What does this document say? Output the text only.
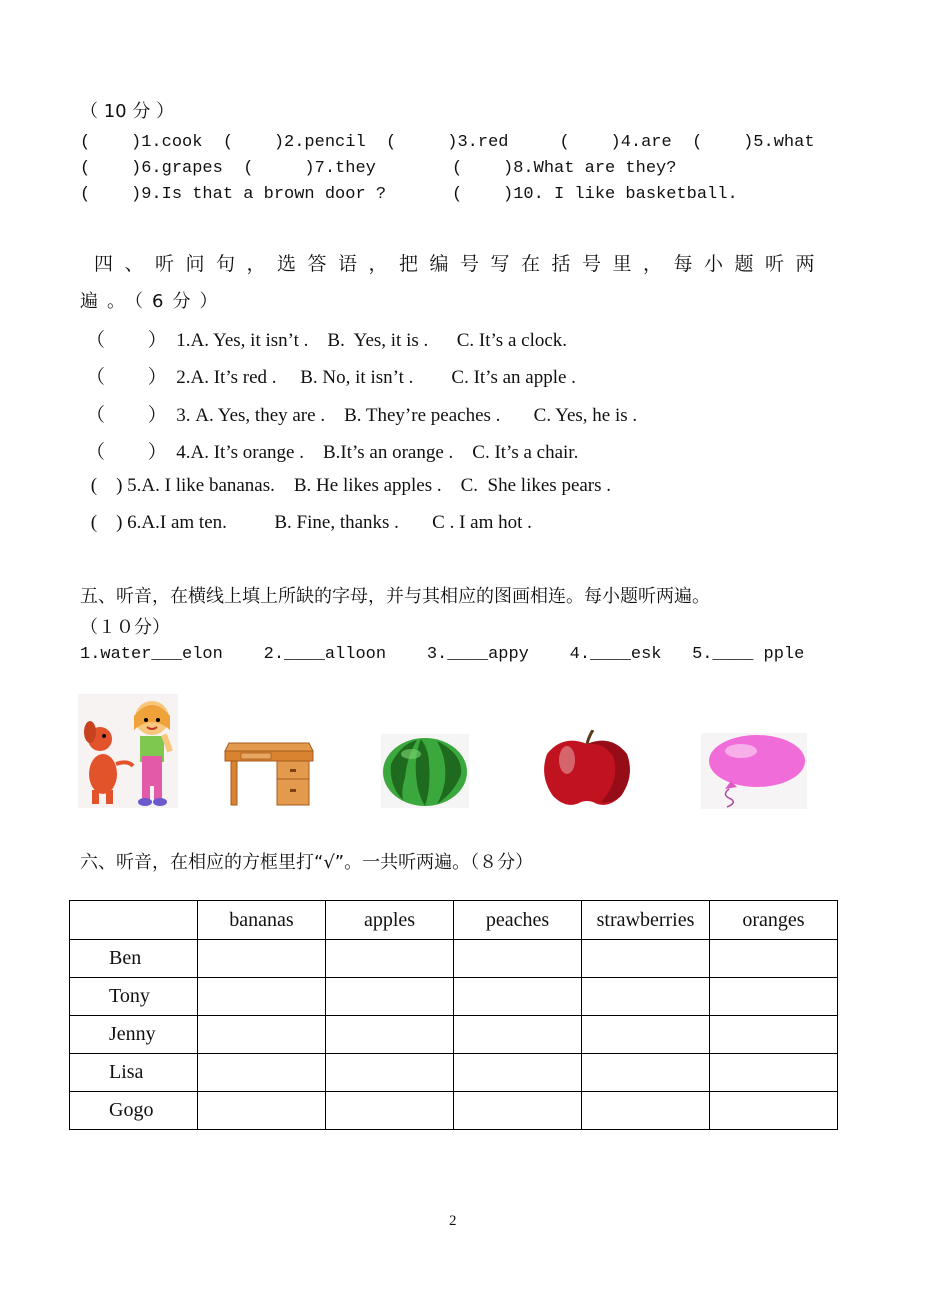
（ 10 分 ）
(    )1.cook  (    )2.pencil  (     )3.red     (    )4.are  (    )5.what
(    )6.grapes  (     )7.they	(    )8.What are they?
(    )9.Is that a brown door ?	(    )10. I like basketball.
四、听问句，选答语，把编号写在括号里，每小题听两
遍。（6分）
（         ）  1.A. Yes, it isn’t .    B.  Yes, it is .      C. It’s a clock.
（         ）  2.A. It’s red .     B. No, it isn’t .        C. It’s an apple .
（         ）  3. A. Yes, they are .    B. They’re peaches .       C. Yes, he is .
（         ）  4.A. It’s orange .    B.It’s an orange .    C. It’s a chair.
(    ) 5.A. I like bananas.    B. He likes apples .    C.  She likes pears .
(    ) 6.A.I am ten.          B. Fine, thanks .       C . I am hot .
五、听音，在横线上填上所缺的字母，并与其相应的图画相连。每小题听两遍。
（１０分）
1.water___elon    2.____alloon    3.____appy    4.____esk   5.____ pple
六、听音，在相应的方框里打“√”。一共听两遍。（８分）
	bananas	apples	peaches	strawberries	oranges
Ben					
Tony					
Jenny					
Lisa					
Gogo					
2
